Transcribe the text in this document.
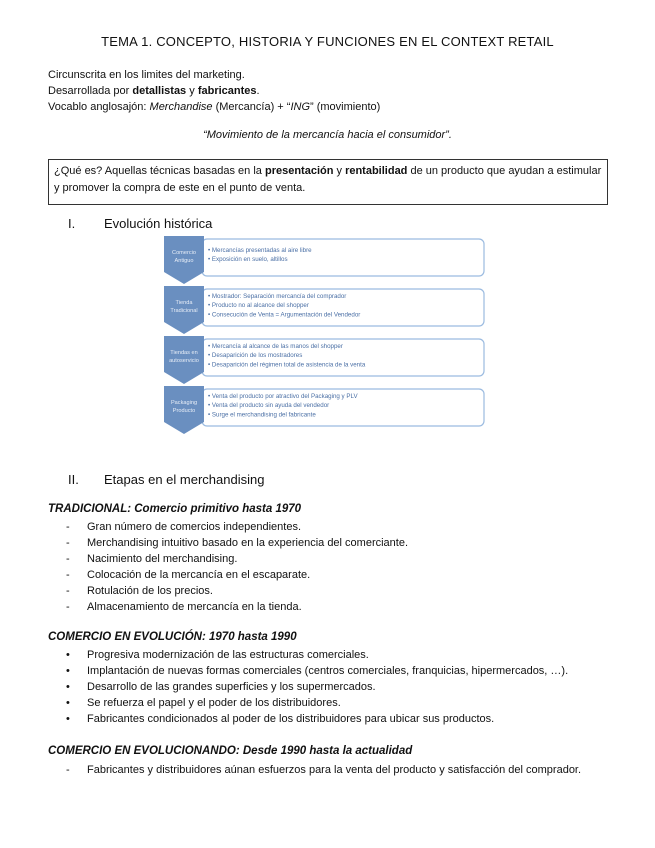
TEMA 1. CONCEPTO, HISTORIA Y FUNCIONES EN EL CONTEXT RETAIL
Circunscrita en los limites del marketing.
Desarrollada por detallistas y fabricantes.
Vocablo anglosajón: Merchandise (Mercancía) + “ING” (movimiento)
“Movimiento de la mercancía hacia el consumidor”.
¿Qué es? Aquellas técnicas basadas en la presentación y rentabilidad de un producto que ayudan a estimular y promover la compra de este en el punto de venta.
I. Evolución histórica
Comercio
Antiguo
• Mercancías presentadas al aire libre
• Exposición en suelo, altillos
Tienda
Tradicional
• Mostrador: Separación mercancía del comprador
• Producto no al alcance del shopper
• Consecución de Venta = Argumentación del Vendedor
Tiendas en
autoservicio
• Mercancía al alcance de las manos del shopper
• Desaparición de los mostradores
• Desaparición del régimen total de asistencia de la venta
Packaging
Producto
• Venta del producto por atractivo del Packaging y PLV
• Venta del producto sin ayuda del vendedor
• Surge el merchandising del fabricante
II. Etapas en el merchandising
TRADICIONAL: Comercio primitivo hasta 1970
- Gran número de comercios independientes.
- Merchandising intuitivo basado en la experiencia del comerciante.
- Nacimiento del merchandising.
- Colocación de la mercancía en el escaparate.
- Rotulación de los precios.
- Almacenamiento de mercancía en la tienda.
COMERCIO EN EVOLUCIÓN: 1970 hasta 1990
• Progresiva modernización de las estructuras comerciales.
• Implantación de nuevas formas comerciales (centros comerciales, franquicias, hipermercados, …).
• Desarrollo de las grandes superficies y los supermercados.
• Se refuerza el papel y el poder de los distribuidores.
• Fabricantes condicionados al poder de los distribuidores para ubicar sus productos.
COMERCIO EN EVOLUCIONANDO: Desde 1990 hasta la actualidad
- Fabricantes y distribuidores aúnan esfuerzos para la venta del producto y satisfacción del comprador.
